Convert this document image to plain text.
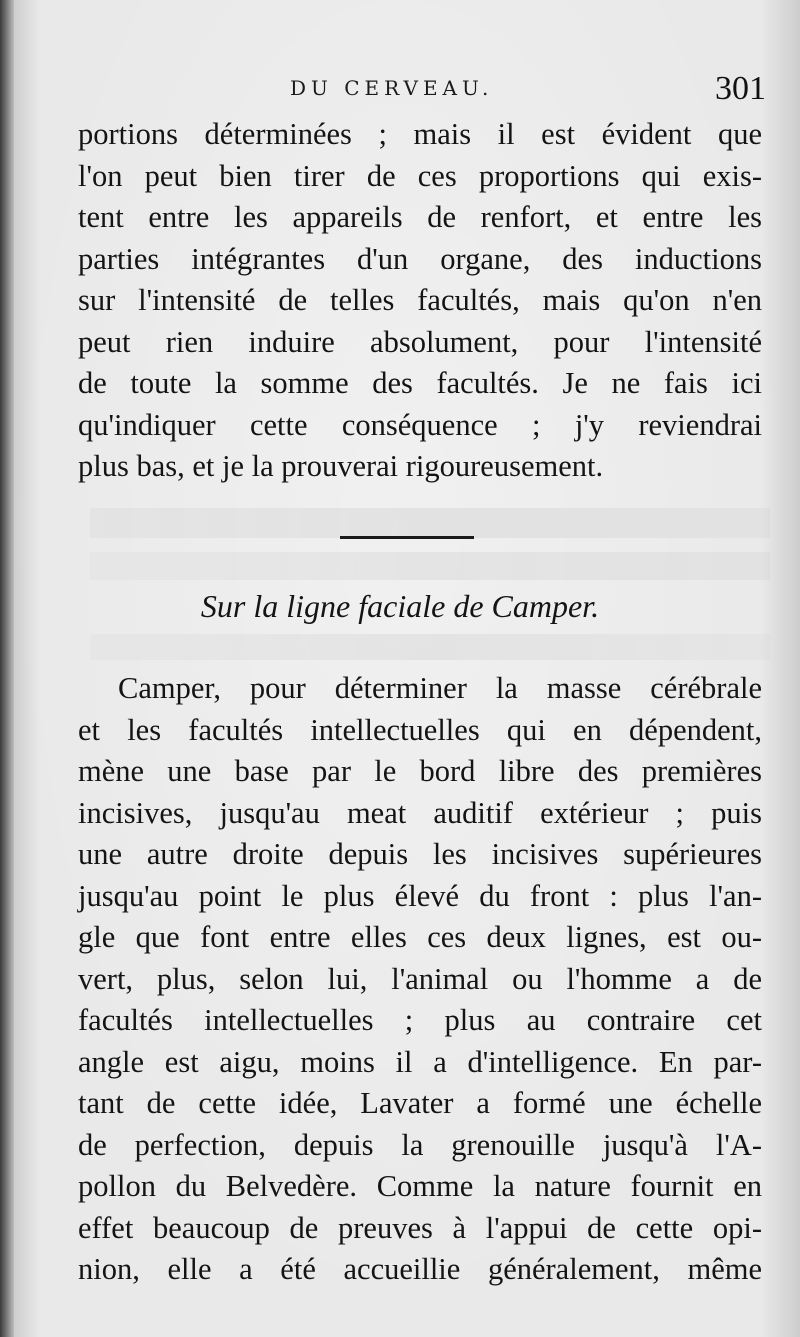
DU CERVEAU.	301
portions déterminées ; mais il est évident que
l'on peut bien tirer de ces proportions qui exis-
tent entre les appareils de renfort, et entre les
parties intégrantes d'un organe, des inductions
sur l'intensité de telles facultés, mais qu'on n'en
peut rien induire absolument, pour l'intensité
de toute la somme des facultés. Je ne fais ici
qu'indiquer cette conséquence ; j'y reviendrai
plus bas, et je la prouverai rigoureusement.
Sur la ligne faciale de Camper.
Camper, pour déterminer la masse cérébrale
et les facultés intellectuelles qui en dépendent,
mène une base par le bord libre des premières
incisives, jusqu'au meat auditif extérieur ; puis
une autre droite depuis les incisives supérieures
jusqu'au point le plus élevé du front : plus l'an-
gle que font entre elles ces deux lignes, est ou-
vert, plus, selon lui, l'animal ou l'homme a de
facultés intellectuelles ; plus au contraire cet
angle est aigu, moins il a d'intelligence. En par-
tant de cette idée, Lavater a formé une échelle
de perfection, depuis la grenouille jusqu'à l'A-
pollon du Belvedère. Comme la nature fournit en
effet beaucoup de preuves à l'appui de cette opi-
nion, elle a été accueillie généralement, même
